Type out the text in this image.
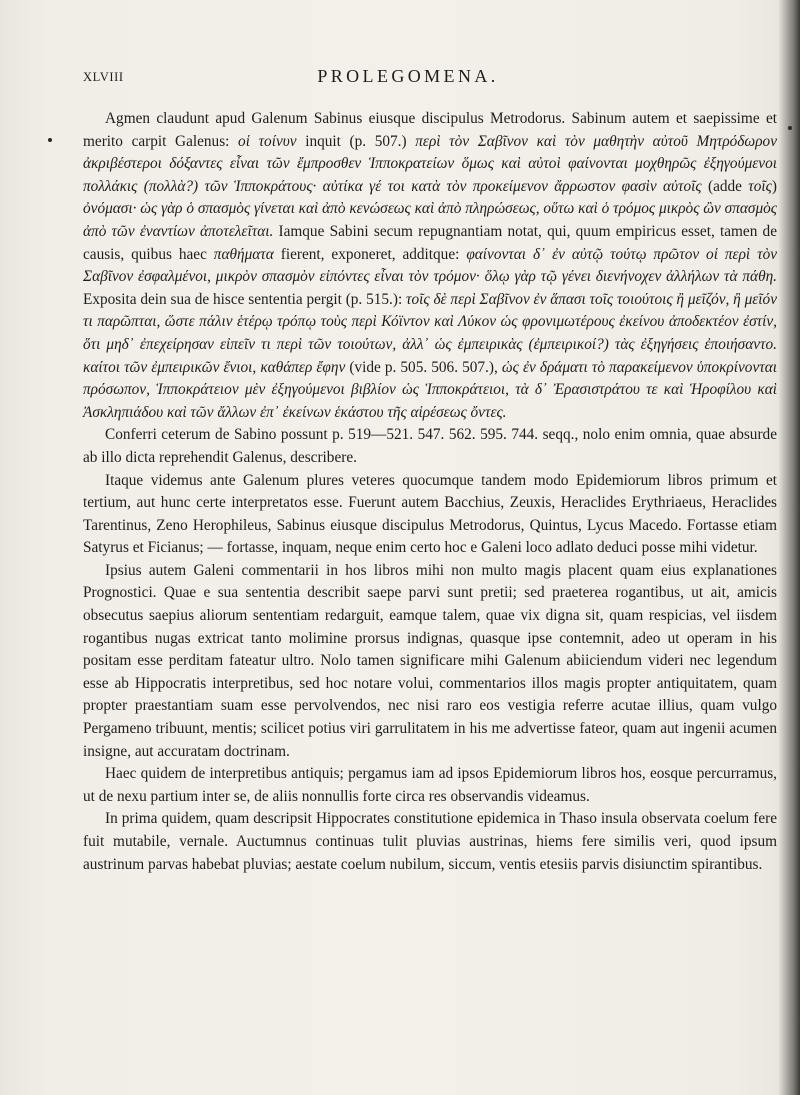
XLVIII	PROLEGOMENA.

Agmen claudunt apud Galenum Sabinus eiusque discipulus Metrodorus. Sabinum autem et saepissime et merito carpit Galenus: οἱ τοίνυν inquit (p. 507.) περὶ τὸν Σαβῖνον καὶ τὸν μαθητὴν αὐτοῦ Μητρόδωρον ἀκριβέστεροι δόξαντες εἶναι τῶν ἔμπροσθεν Ἱπποκρατείων ὅμως καὶ αὐτοὶ φαίνονται μοχθηρῶς ἐξηγούμενοι πολλάκις (πολλὰ?) τῶν Ἱπποκράτους· αὐτίκα γέ τοι κατὰ τὸν προκείμενον ἄρρωστον φασὶν αὐτοῖς (adde τοῖς) ὀνόμασι· ὡς γὰρ ὁ σπασμὸς γίνεται καὶ ἀπὸ κενώσεως καὶ ἀπὸ πληρώσεως, οὕτω καὶ ὁ τρόμος μικρὸς ὢν σπασμὸς ἀπὸ τῶν ἐναντίων ἀποτελεῖται. Iamque Sabini secum repugnantiam notat, qui, quum empiricus esset, tamen de causis, quibus haec παθήματα fierent, exponeret, additque: φαίνονται δ᾿ ἐν αὐτῷ τούτῳ πρῶτον οἱ περὶ τὸν Σαβῖνον ἐσφαλμένοι, μικρὸν σπασμὸν εἰπόντες εἶναι τὸν τρόμον· ὅλῳ γὰρ τῷ γένει διενήνοχεν ἀλλήλων τὰ πάθη. Exposita dein sua de hisce sententia pergit (p. 515.): τοῖς δὲ περὶ Σαβῖνον ἐν ἅπασι τοῖς τοιούτοις ἢ μεῖζόν, ἢ μεῖόν τι παρῶπται, ὥστε πάλιν ἑτέρῳ τρόπῳ τοὺς περὶ Κόϊντον καὶ Λύκον ὡς φρονιμωτέρους ἐκείνου ἀποδεκτέον ἐστίν, ὅτι μηδ᾿ ἐπεχείρησαν εἰπεῖν τι περὶ τῶν τοιούτων, ἀλλ᾿ ὡς ἐμπειρικὰς (ἐμπειρικοί?) τὰς ἐξηγήσεις ἐποιήσαντο. καίτοι τῶν ἐμπειρικῶν ἔνιοι, καθάπερ ἔφην (vide p. 505. 506. 507.), ὡς ἐν δράματι τὸ παρακείμενον ὑποκρίνονται πρόσωπον, Ἱπποκράτειον μὲν ἐξηγούμενοι βιβλίον ὡς Ἱπποκράτειοι, τὰ δ᾿ Ἐρασιστράτου τε καὶ Ἡροφίλου καὶ Ἀσκληπιάδου καὶ τῶν ἄλλων ἐπ᾿ ἐκείνων ἑκάστου τῆς αἱρέσεως ὄντες.

Conferri ceterum de Sabino possunt p. 519—521. 547. 562. 595. 744. seqq., nolo enim omnia, quae absurde ab illo dicta reprehendit Galenus, describere.

Itaque videmus ante Galenum plures veteres quocumque tandem modo Epidemiorum libros primum et tertium, aut hunc certe interpretatos esse. Fuerunt autem Bacchius, Zeuxis, Heraclides Erythriaeus, Heraclides Tarentinus, Zeno Herophileus, Sabinus eiusque discipulus Metrodorus, Quintus, Lycus Macedo. Fortasse etiam Satyrus et Ficianus; — fortasse, inquam, neque enim certo hoc e Galeni loco adlato deduci posse mihi videtur.

Ipsius autem Galeni commentarii in hos libros mihi non multo magis placent quam eius explanationes Prognostici. Quae e sua sententia describit saepe parvi sunt pretii; sed praeterea rogantibus, ut ait, amicis obsecutus saepius aliorum sententiam redarguit, eamque talem, quae vix digna sit, quam respicias, vel iisdem rogantibus nugas extricat tanto molimine prorsus indignas, quasque ipse contemnit, adeo ut operam in his positam esse perditam fateatur ultro. Nolo tamen significare mihi Galenum abiiciendum videri nec legendum esse ab Hippocratis interpretibus, sed hoc notare volui, commentarios illos magis propter antiquitatem, quam propter praestantiam suam esse pervolvendos, nec nisi raro eos vestigia referre acutae illius, quam vulgo Pergameno tribuunt, mentis; scilicet potius viri garrulitatem in his me advertisse fateor, quam aut ingenii acumen insigne, aut accuratam doctrinam.

Haec quidem de interpretibus antiquis; pergamus iam ad ipsos Epidemiorum libros hos, eosque percurramus, ut de nexu partium inter se, de aliis nonnullis forte circa res observandis videamus.

In prima quidem, quam descripsit Hippocrates constitutione epidemica in Thaso insula observata coelum fere fuit mutabile, vernale. Auctumnus continuas tulit pluvias austrinas, hiems fere similis veri, quod ipsum austrinum parvas habebat pluvias; aestate coelum nubilum, siccum, ventis etesiis parvis disiunctim spirantibus.
